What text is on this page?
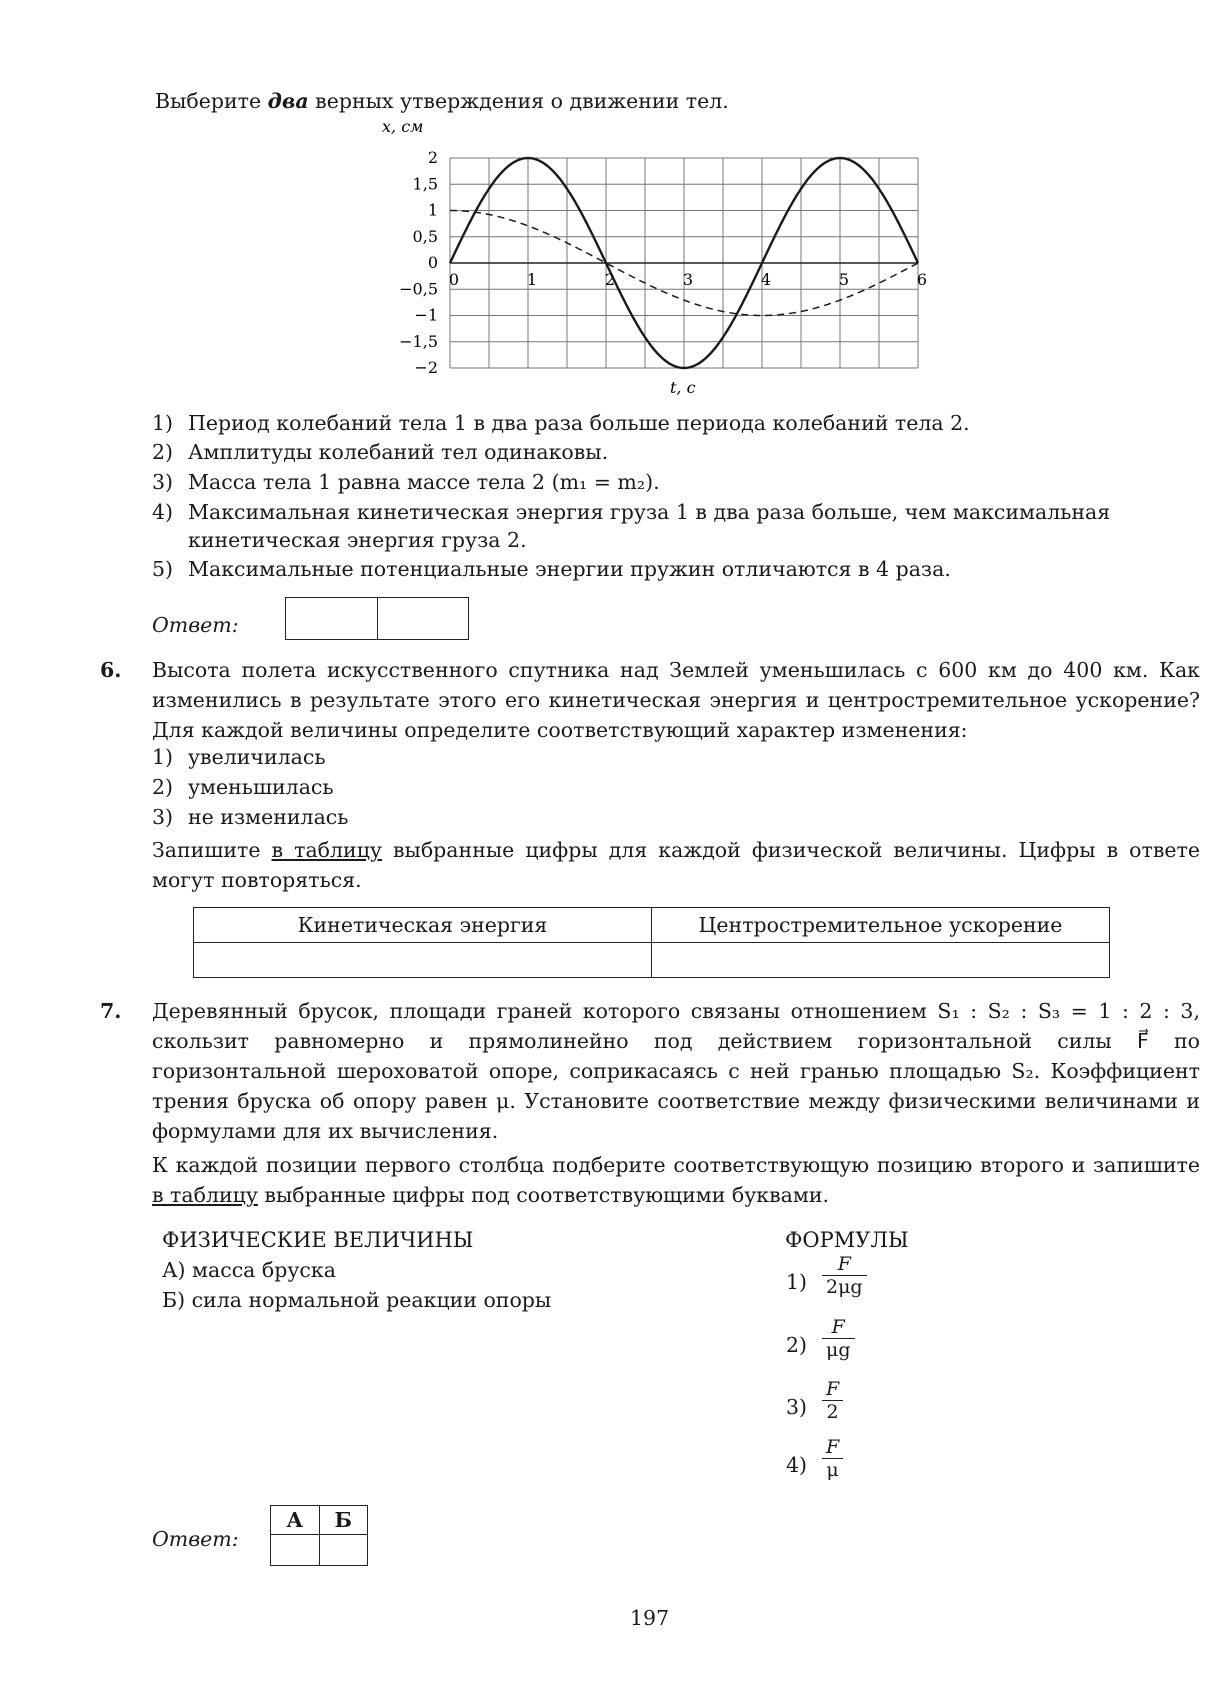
Выберите два верных утверждения о движении тел.
2
1,5
1
0,5
0
−0,5
−1
−1,5
−2
0	1	2	3	4	5	6
x, см
t, c
1) Период колебаний тела 1 в два раза больше периода колебаний тела 2.
2) Амплитуды колебаний тел одинаковы.
3) Масса тела 1 равна массе тела 2 (m₁ = m₂).
4) Максимальная кинетическая энергия груза 1 в два раза больше, чем максимальная
кинетическая энергия груза 2.
5) Максимальные потенциальные энергии пружин отличаются в 4 раза.
Ответ:
6. Высота полета искусственного спутника над Землей уменьшилась с 600 км до 400 км. Как изменились в результате этого его кинетическая энергия и центростремительное ускорение? Для каждой величины определите соответствующий характер изменения:
1) увеличилась
2) уменьшилась
3) не изменилась
Запишите в таблицу выбранные цифры для каждой физической величины. Цифры в ответе могут повторяться.
Кинетическая энергия	Центростремительное ускорение

7. Деревянный брусок, площади граней которого связаны отношением S₁ : S₂ : S₃ = 1 : 2 : 3, скользит равномерно и прямолинейно под действием горизонтальной силы F⃗ по горизонтальной шероховатой опоре, соприкасаясь с ней гранью площадью S₂. Коэффициент трения бруска об опору равен μ. Установите соответствие между физическими величинами и формулами для их вычисления.
К каждой позиции первого столбца подберите соответствующую позицию второго и запишите в таблицу выбранные цифры под соответствующими буквами.
ФИЗИЧЕСКИЕ ВЕЛИЧИНЫ	ФОРМУЛЫ
А) масса бруска
Б) сила нормальной реакции опоры
$1) \frac{F}{2\mu g}$
$2) \frac{F}{\mu g}$
$3) \frac{F}{2}$
$4) \frac{F}{\mu}$
Ответ:
А	Б

197
